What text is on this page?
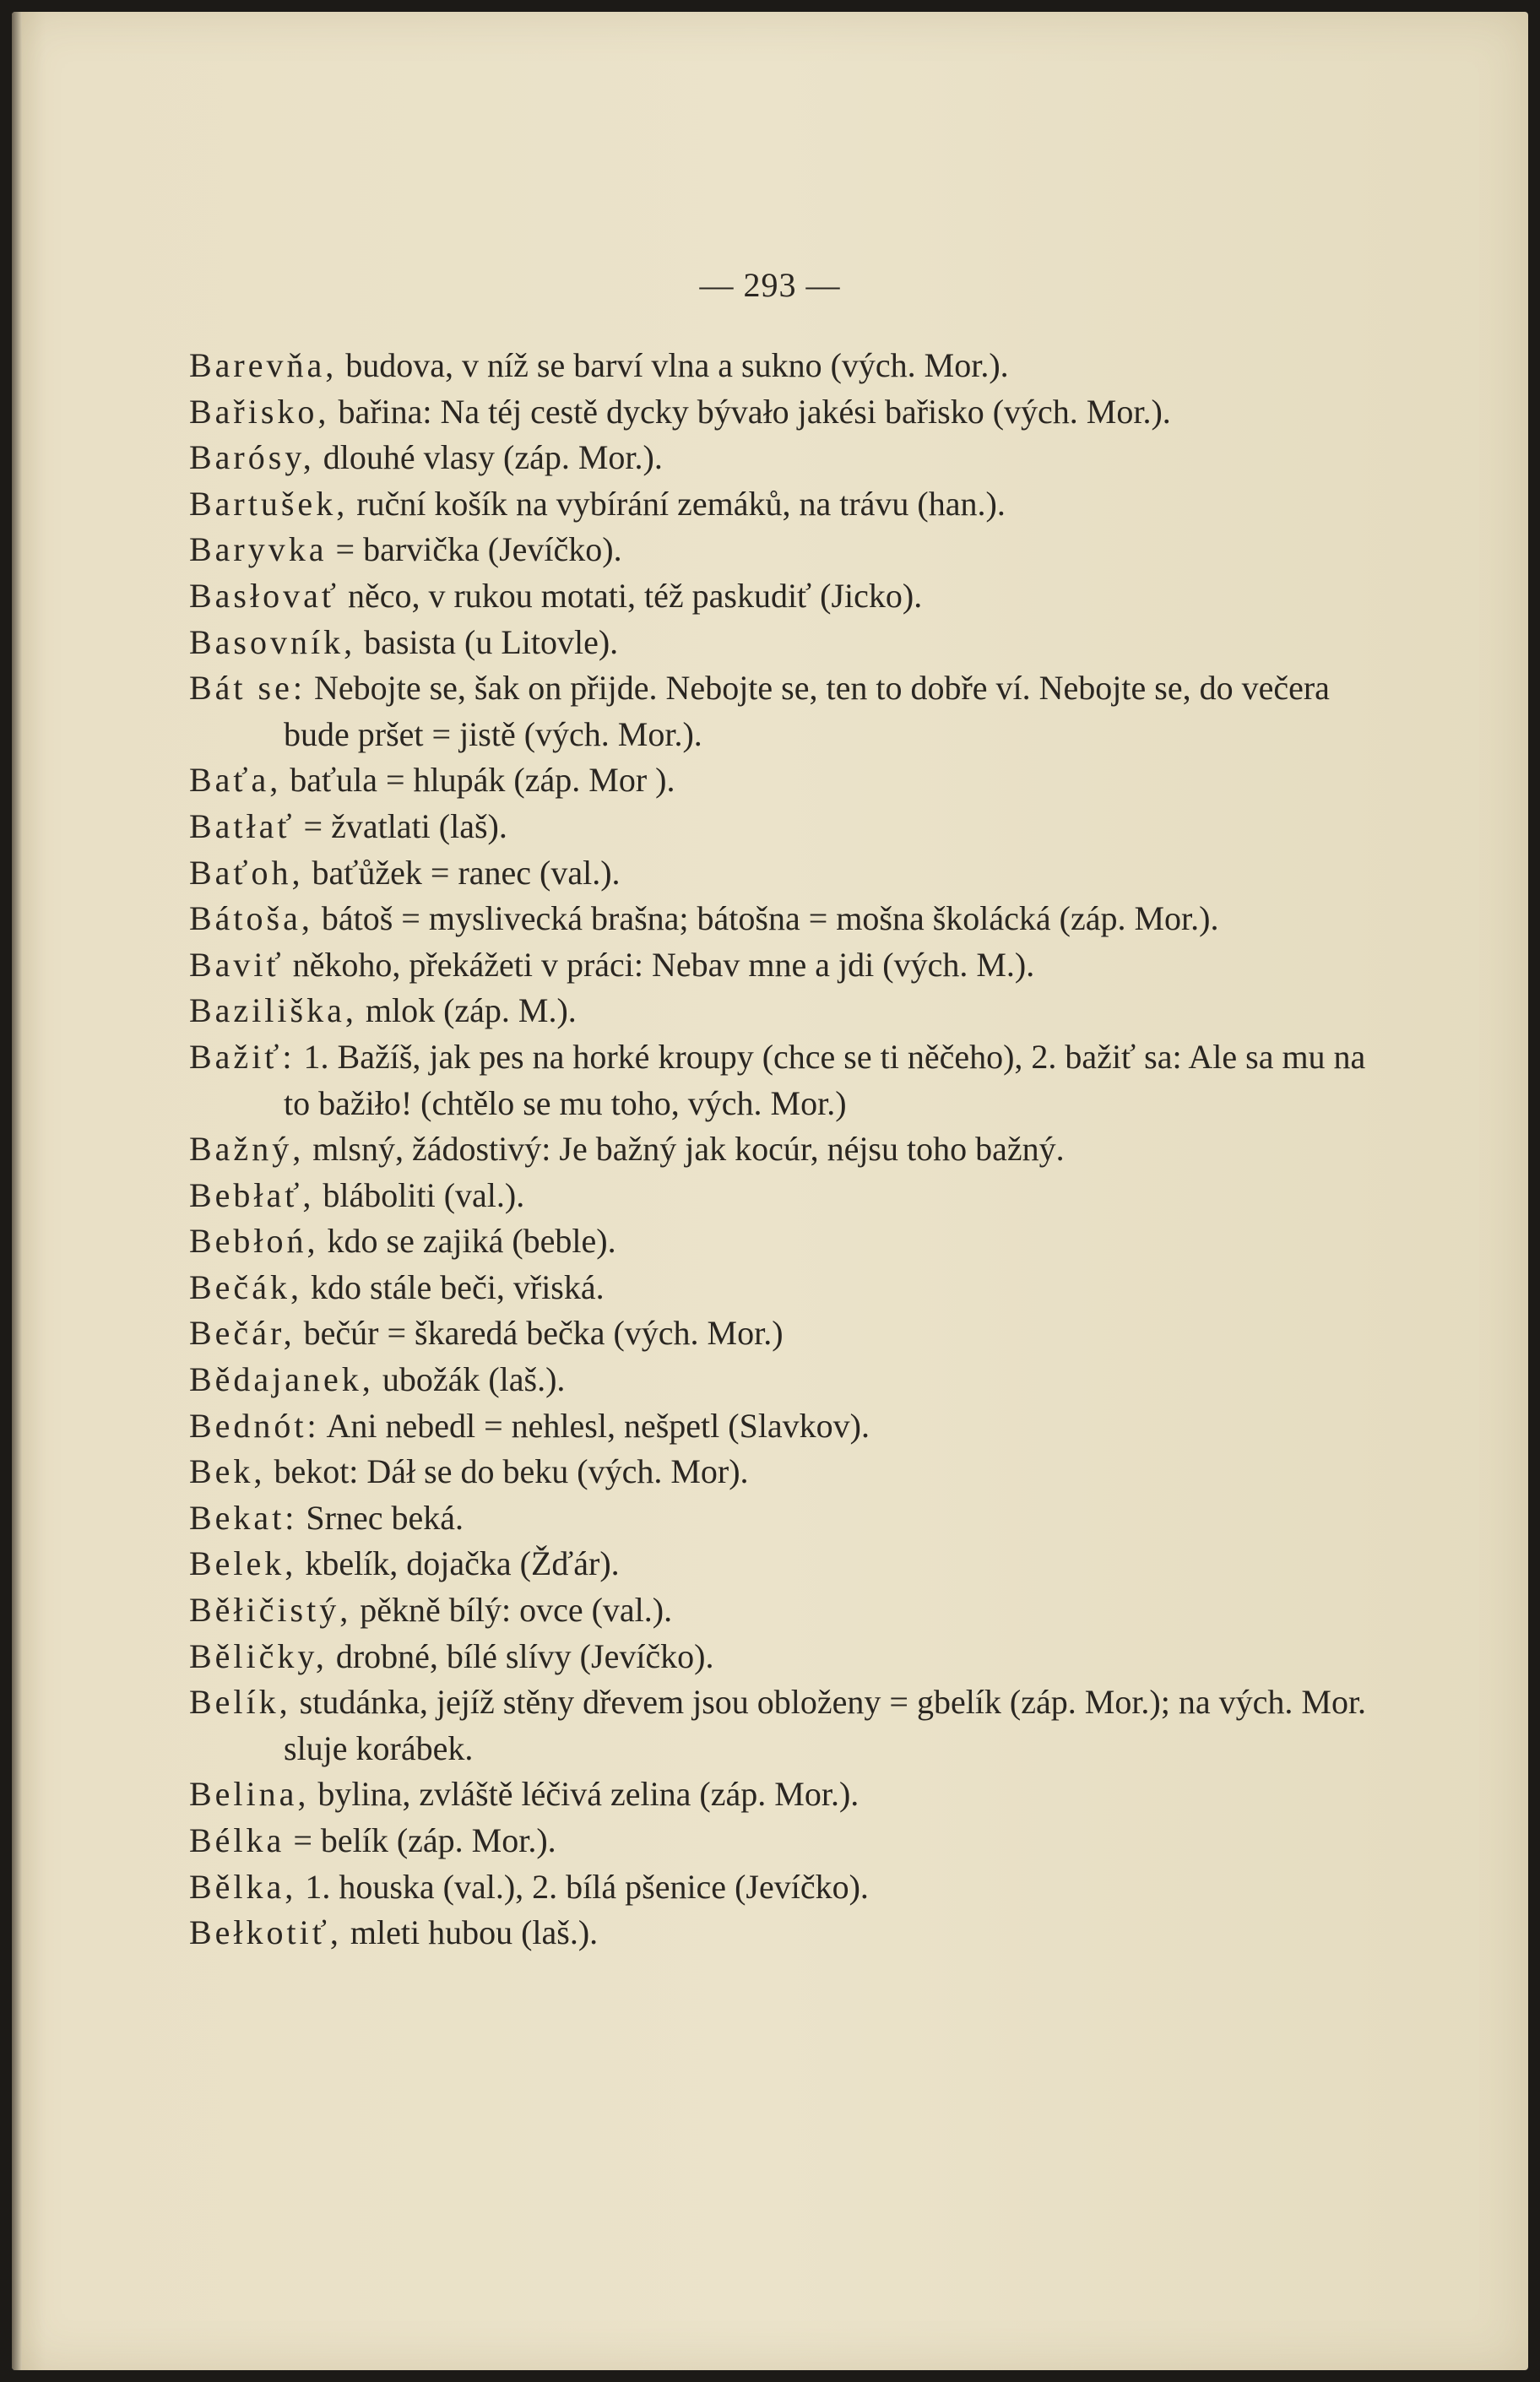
— 293 —

Barevňa, budova, v níž se barví vlna a sukno (vých. Mor.).

Bařisko, bařina: Na téj cestě dycky bývało jakési bařisko (vých. Mor.).

Barósy, dlouhé vlasy (záp. Mor.).

Bartušek, ruční košík na vybírání zemáků, na trávu (han.).

Baryvka = barvička (Jevíčko).

Basłovať něco, v rukou motati, též paskudiť (Jicko).

Basovník, basista (u Litovle).

Bát se: Nebojte se, šak on přijde. Nebojte se, ten to dobře ví. Nebojte se, do večera bude pršet = jistě (vých. Mor.).

Baťa, baťula = hlupák (záp. Mor ).

Batłať = žvatlati (laš).

Baťoh, baťůžek = ranec (val.).

Bátoša, bátoš = myslivecká brašna; bátošna = mošna školácká (záp. Mor.).

Baviť někoho, překážeti v práci: Nebav mne a jdi (vých. M.).

Baziliška, mlok (záp. M.).

Bažiť: 1. Bažíš, jak pes na horké kroupy (chce se ti něčeho), 2. bažiť sa: Ale sa mu na to bažiło! (chtělo se mu toho, vých. Mor.)

Bažný, mlsný, žádostivý: Je bažný jak kocúr, néjsu toho bažný.

Bebłať, bláboliti (val.).

Bebłoń, kdo se zajiká (beble).

Bečák, kdo stále beči, vřiská.

Bečár, bečúr = škaredá bečka (vých. Mor.)

Bědajanek, ubožák (laš.).

Bednót: Ani nebedl = nehlesl, nešpetl (Slavkov).

Bek, bekot: Dáł se do beku (vých. Mor).

Bekat: Srnec beká.

Belek, kbelík, dojačka (Žďár).

Běłičistý, pěkně bílý: ovce (val.).

Běličky, drobné, bílé slívy (Jevíčko).

Belík, studánka, jejíž stěny dřevem jsou obloženy = gbelík (záp. Mor.); na vých. Mor. sluje korábek.

Belina, bylina, zvláště léčivá zelina (záp. Mor.).

Bélka = belík (záp. Mor.).

Bělka, 1. houska (val.), 2. bílá pšenice (Jevíčko).

Bełkotiť, mleti hubou (laš.).
